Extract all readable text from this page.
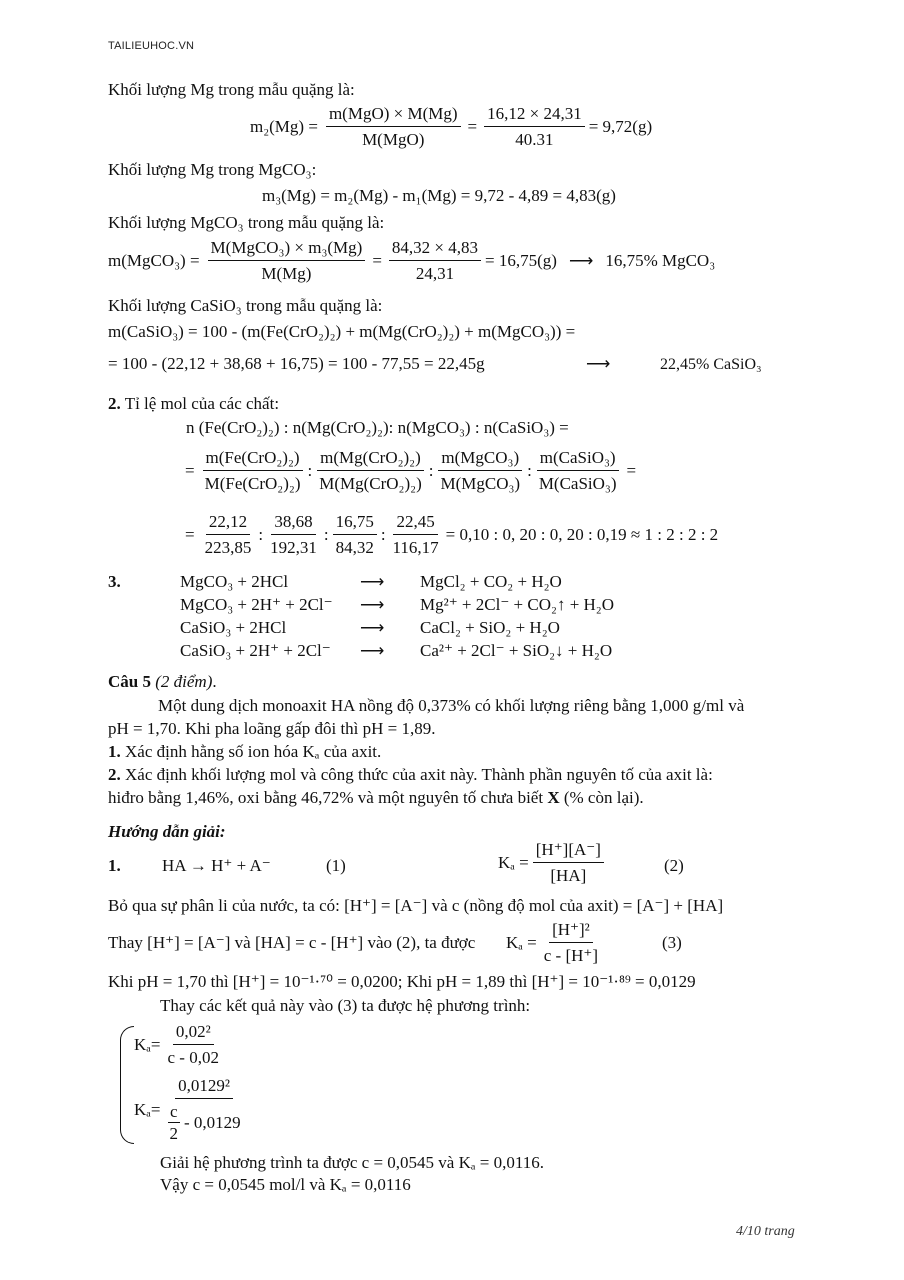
TAILIEUHOC.VN
Khối lượng Mg trong mẫu quặng là:
$m_2(Mg) = \frac{\text{m(MgO) × M(Mg)}}{\text{M(MgO)}} = \frac{16,12 \times 24,31}{40.31} = 9,72(g)$
Khối lượng Mg trong MgCO₃:
m₃(Mg) = m₂(Mg) - m₁(Mg) = 9,72 - 4,89 = 4,83(g)
Khối lượng MgCO₃ trong mẫu quặng là:
m(MgCO₃) = $\frac{\text{M(MgCO₃) × m₃(Mg)}}{M(Mg)} = \frac{84,32 \times 4,83}{24,31} = 16,75(g)$ ⟶ 16,75% MgCO₃
Khối lượng CaSiO₃ trong mẫu quặng là:
m(CaSiO₃) = 100 - (m(Fe(CrO₂)₂) + m(Mg(CrO₂)₂) + m(MgCO₃)) =
= 100 - (22,12 + 38,68 + 16,75) = 100 - 77,55 = 22,45g	⟶	22,45% CaSiO₃
2. Tỉ lệ mol của các chất:
n (Fe(CrO₂)₂) : n(Mg(CrO₂)₂): n(MgCO₃) : n(CaSiO₃) =
= $\frac{\text{m(Fe(CrO₂)₂)}}{\text{M(Fe(CrO₂)₂)}}$ : $\frac{\text{m(Mg(CrO₂)₂)}}{\text{M(Mg(CrO₂)₂)}}$ : $\frac{\text{m(MgCO₃)}}{\text{M(MgCO₃)}}$ : $\frac{\text{m(CaSiO₃)}}{\text{M(CaSiO₃)}}$ =
= $\frac{22,12}{223,85}$ : $\frac{38,68}{192,31}$ : $\frac{16,75}{84,32}$ : $\frac{22,45}{116,17} = 0,10$ : 0, 20 : 0, 20 : 0,19 ≈ 1 : 2 : 2 : 2
3.	MgCO₃ + 2HCl	⟶ MgCl₂ + CO₂ + H₂O
MgCO₃ + 2H⁺ + 2Cl⁻ ⟶ Mg²⁺ + 2Cl⁻ + CO₂↑ + H₂O
CaSiO₃ + 2HCl	⟶ CaCl₂ + SiO₂ + H₂O
CaSiO₃ + 2H⁺ + 2Cl⁻ ⟶ Ca²⁺ + 2Cl⁻ + SiO₂↓ + H₂O
Câu 5 (2 điểm).
Một dung dịch monoaxit HA nồng độ 0,373% có khối lượng riêng bằng 1,000 g/ml và
pH = 1,70. Khi pha loãng gấp đôi thì pH = 1,89.
1. Xác định hằng số ion hóa Kₐ của axit.
2. Xác định khối lượng mol và công thức của axit này. Thành phần nguyên tố của axit là:
hiđro bằng 1,46%, oxi bằng 46,72% và một nguyên tố chưa biết X (% còn lại).
Hướng dẫn giải:
1. HA → H⁺ + A⁻	(1)	$K_a = \frac{[H^+][A^-]}{[HA]}$	(2)
Bỏ qua sự phân li của nước, ta có: [H⁺] = [A⁻] và c (nồng độ mol của axit) = [A⁻] + [HA]
Thay [H⁺] = [A⁻] và [HA] = c - [H⁺] vào (2), ta được $K_a = \frac{\text{[H⁺]²}}{c - [H^+]}$	(3)
Khi pH = 1,70 thì [H⁺] = 10⁻¹·⁷⁰ = 0,0200; Khi pH = 1,89 thì [H⁺] = 10⁻¹·⁸⁹ = 0,0129
Thay các kết quả này vào (3) ta được hệ phương trình:
$K_a= \frac{\text{0,02²}}{c - 0,02}$
$K_a= \frac{\text{0,0129²}}{\frac{c}{2} - 0,0129}$
Giải hệ phương trình ta được c = 0,0545 và Kₐ = 0,0116.
Vậy c = 0,0545 mol/l và Kₐ = 0,0116
4/10 trang
